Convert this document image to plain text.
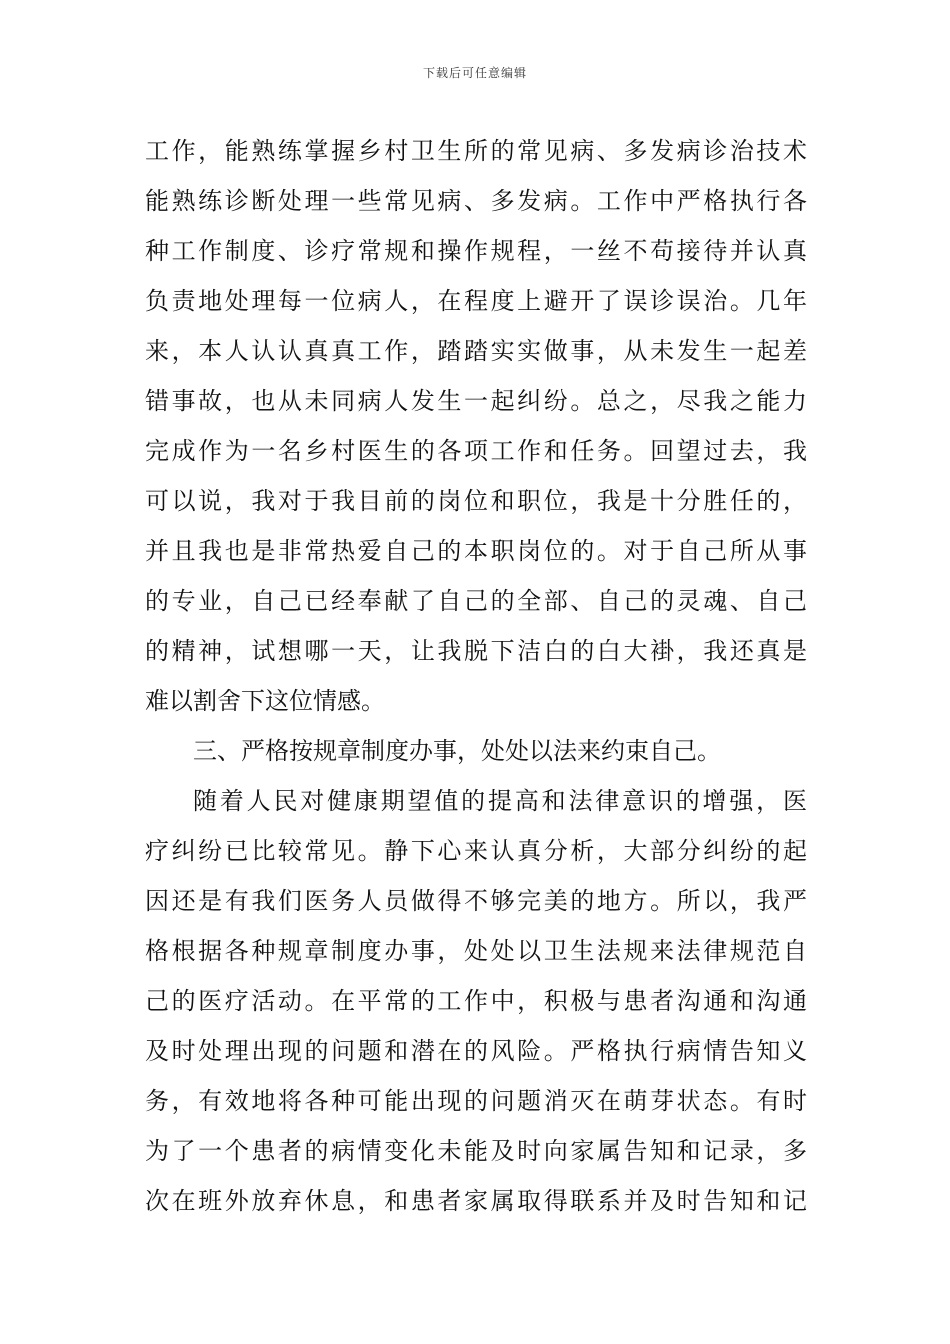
下载后可任意编辑
工作，能熟练掌握乡村卫生所的常见病、多发病诊治技术
能熟练诊断处理一些常见病、多发病。工作中严格执行各
种工作制度、诊疗常规和操作规程，一丝不苟接待并认真
负责地处理每一位病人，在程度上避开了误诊误治。几年
来，本人认认真真工作，踏踏实实做事，从未发生一起差
错事故，也从未同病人发生一起纠纷。总之，尽我之能力
完成作为一名乡村医生的各项工作和任务。回望过去，我
可以说，我对于我目前的岗位和职位，我是十分胜任的，
并且我也是非常热爱自己的本职岗位的。对于自己所从事
的专业，自己已经奉献了自己的全部、自己的灵魂、自己
的精神，试想哪一天，让我脱下洁白的白大褂，我还真是
难以割舍下这位情感。
三、严格按规章制度办事，处处以法来约束自己。
随着人民对健康期望值的提高和法律意识的增强，医
疗纠纷已比较常见。静下心来认真分析，大部分纠纷的起
因还是有我们医务人员做得不够完美的地方。所以，我严
格根据各种规章制度办事，处处以卫生法规来法律规范自
己的医疗活动。在平常的工作中，积极与患者沟通和沟通
及时处理出现的问题和潜在的风险。严格执行病情告知义
务，有效地将各种可能出现的问题消灭在萌芽状态。有时
为了一个患者的病情变化未能及时向家属告知和记录，多
次在班外放弃休息，和患者家属取得联系并及时告知和记
